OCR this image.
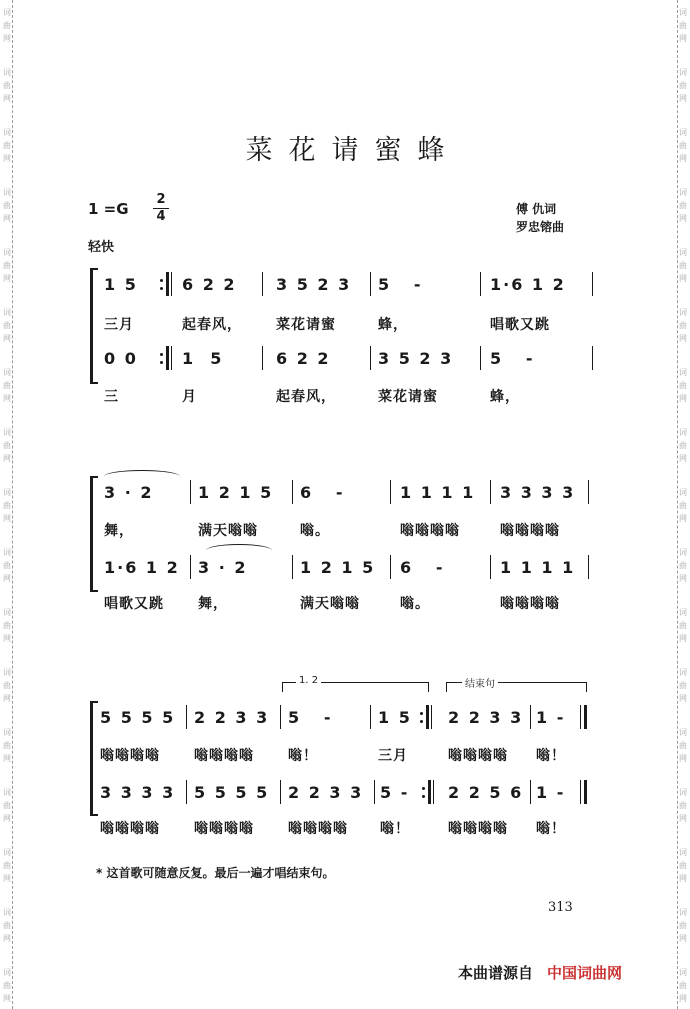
词
曲
网
词
曲
网
词
曲
网
词
曲
网
词
曲
网
词
曲
网
词
曲
网
词
曲
网
词
曲
网
词
曲
网
词
曲
网
词
曲
网
词
曲
网
词
曲
网
词
曲
网
词
曲
网
词
曲
网
词
曲
网
词
曲
网
词
曲
网
词
曲
网
词
曲
网
词
曲
网
词
曲
网
词
曲
网
词
曲
网
词
曲
网
词
曲
网
词
曲
网
词
曲
网
词
曲
网
词
曲
网
词
曲
网
词
曲
网
菜花请蜜蜂
1 =G
2
4
轻快
傅 仇词
罗忠镕曲
1 5
三月
6 2 2
起春风，
3 5 2 3
菜花请蜜
5   -
蜂，
1·6 1 2
唱歌又跳
0 0
三
1  5
月
6 2 2
起春风，
3 5 2 3
菜花请蜜
5   -
蜂，
3 · 2
舞，
1 2 1 5
满天嗡嗡
6   -
嗡。
1 1 1 1
嗡嗡嗡嗡
3 3 3 3
嗡嗡嗡嗡
1·6 1 2
唱歌又跳
3 · 2
舞，
1 2 1 5
满天嗡嗡
6   -
嗡。
1 1 1 1
嗡嗡嗡嗡
5 5 5 5
嗡嗡嗡嗡
2 2 3 3
嗡嗡嗡嗡
5   -
嗡！
1 5
三月
2 2 3 3
嗡嗡嗡嗡
1 -
嗡！
3 3 3 3
嗡嗡嗡嗡
5 5 5 5
嗡嗡嗡嗡
2 2 3 3
嗡嗡嗡嗡
5 -
嗡！
2 2 5 6
嗡嗡嗡嗡
1 -
嗡！
1. 2	结束句
* 这首歌可随意反复。最后一遍才唱结束句。
313
本曲谱源自 中国词曲网
